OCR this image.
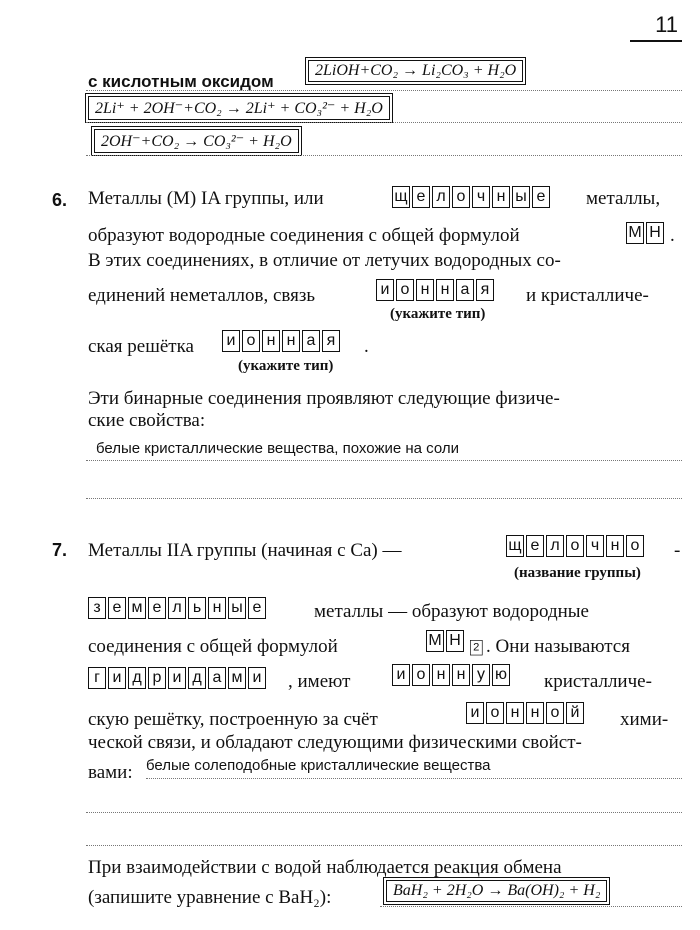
11
с кислотным оксидом
2LiOH+CO₂ → Li₂CO₃ + H₂O
2Li⁺ + 2OH⁻+CO₂ → 2Li⁺ + CO₃²⁻ + H₂O
2OH⁻+CO₂ → CO₃²⁻ + H₂O
6. Металлы (М) IA группы, или	щ е л о ч н ы е металлы,
образуют водородные соединения с общей формулой	М Н .
В этих соединениях, в отличие от летучих водородных со-
единений неметаллов, связь	и о н н а я и кристалличе-
(укажите тип)
ская решётка и о н н а я .
(укажите тип)
Эти бинарные соединения проявляют следующие физиче-
ские свойства:
белые кристаллические вещества, похожие на соли
7. Металлы IIA группы (начиная с Са) —	щ е л о ч н о -
(название группы)
з е м е л ь н ы е	металлы — образуют водородные
соединения с общей формулой	М Н 2 . Они называются
г и д р и д а м и , имеют	и о н н у ю кристалличе-
скую решётку, построенную за счёт	и о н н о й хими-
ческой связи, и обладают следующими физическими свойст-
вами: белые солеподобные кристаллические вещества
При взаимодействии с водой наблюдается реакция обмена
(запишите уравнение с BaH₂):	BaH₂ + 2H₂O → Ba(OH)₂ + H₂
